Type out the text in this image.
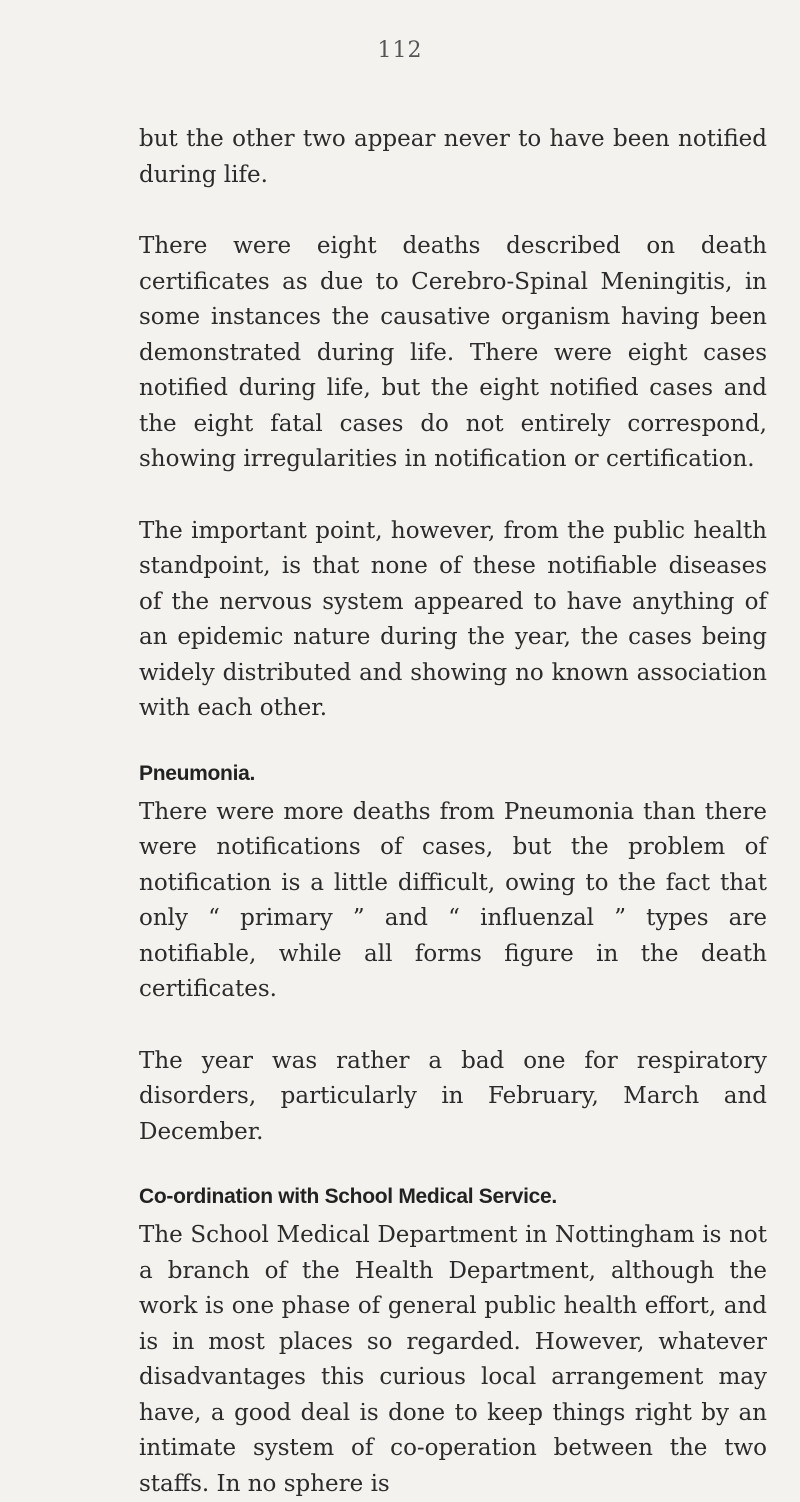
112

but the other two appear never to have been notified during life.

There were eight deaths described on death certificates as due to Cerebro-Spinal Meningitis, in some instances the causative organism having been demonstrated during life. There were eight cases notified during life, but the eight notified cases and the eight fatal cases do not entirely correspond, showing irregularities in notification or certification.

The important point, however, from the public health standpoint, is that none of these notifiable diseases of the nervous system appeared to have anything of an epidemic nature during the year, the cases being widely distributed and showing no known association with each other.

Pneumonia.

There were more deaths from Pneumonia than there were notifications of cases, but the problem of notification is a little difficult, owing to the fact that only “ primary ” and “ influenzal ” types are notifiable, while all forms figure in the death certificates.

The year was rather a bad one for respiratory disorders, particularly in February, March and December.

Co-ordination with School Medical Service.

The School Medical Department in Nottingham is not a branch of the Health Department, although the work is one phase of general public health effort, and is in most places so regarded. However, whatever disadvantages this curious local arrangement may have, a good deal is done to keep things right by an intimate system of co-operation between the two staffs. In no sphere is
